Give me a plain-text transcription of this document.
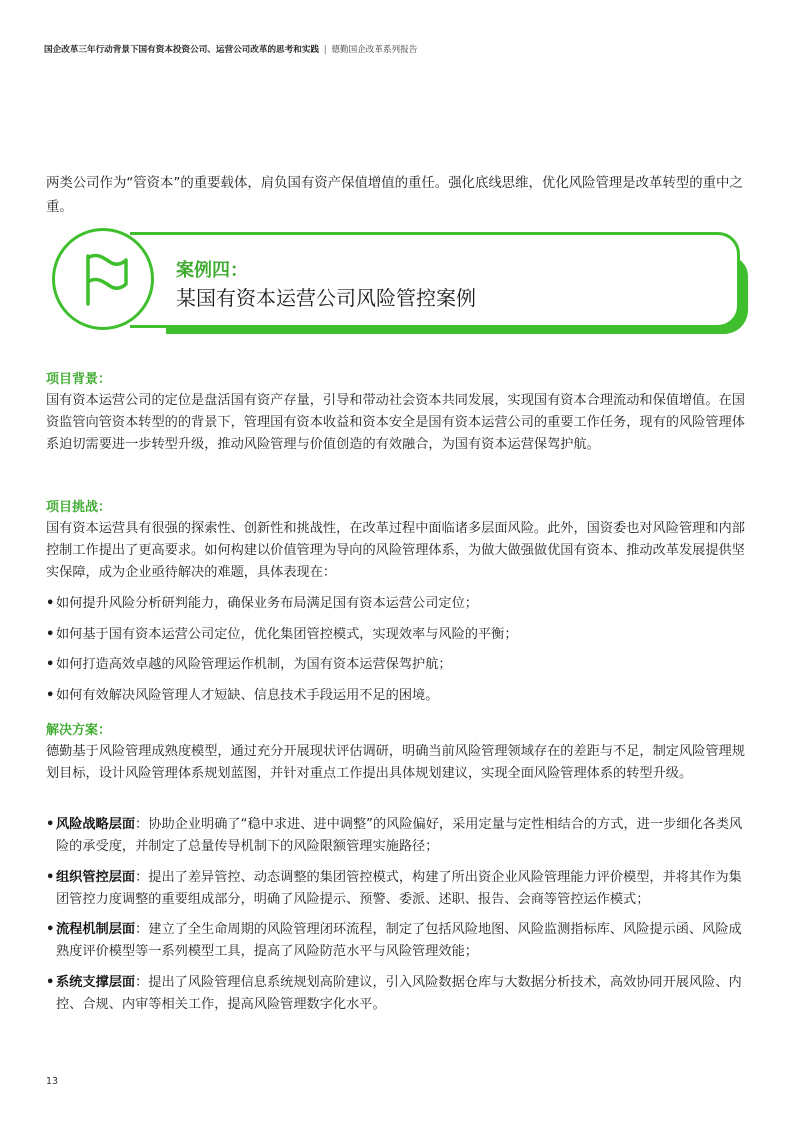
国企改革三年行动背景下国有资本投资公司、运营公司改革的思考和实践 | 德勤国企改革系列报告

两类公司作为“管资本”的重要载体，肩负国有资产保值增值的重任。强化底线思维，优化风险管理是改革转型的重中之重。

案例四：
某国有资本运营公司风险管控案例
项目背景：

国有资本运营公司的定位是盘活国有资产存量，引导和带动社会资本共同发展，实现国有资本合理流动和保值增值。在国资监管向管资本转型的的背景下，管理国有资本收益和资本安全是国有资本运营公司的重要工作任务，现有的风险管理体系迫切需要进一步转型升级，推动风险管理与价值创造的有效融合，为国有资本运营保驾护航。

项目挑战：

国有资本运营具有很强的探索性、创新性和挑战性，在改革过程中面临诸多层面风险。此外，国资委也对风险管理和内部控制工作提出了更高要求。如何构建以价值管理为导向的风险管理体系，为做大做强做优国有资本、推动改革发展提供坚实保障，成为企业亟待解决的难题，具体表现在：

• 如何提升风险分析研判能力，确保业务布局满足国有资本运营公司定位；
• 如何基于国有资本运营公司定位，优化集团管控模式，实现效率与风险的平衡；
• 如何打造高效卓越的风险管理运作机制，为国有资本运营保驾护航；
• 如何有效解决风险管理人才短缺、信息技术手段运用不足的困境。
解决方案：

德勤基于风险管理成熟度模型，通过充分开展现状评估调研，明确当前风险管理领域存在的差距与不足，制定风险管理规划目标，设计风险管理体系规划蓝图，并针对重点工作提出具体规划建议，实现全面风险管理体系的转型升级。

• 风险战略层面：协助企业明确了“稳中求进、进中调整”的风险偏好，采用定量与定性相结合的方式，进一步细化各类风险的承受度，并制定了总量传导机制下的风险限额管理实施路径；
• 组织管控层面：提出了差异管控、动态调整的集团管控模式，构建了所出资企业风险管理能力评价模型，并将其作为集团管控力度调整的重要组成部分，明确了风险提示、预警、委派、述职、报告、会商等管控运作模式；
• 流程机制层面：建立了全生命周期的风险管理闭环流程，制定了包括风险地图、风险监测指标库、风险提示函、风险成熟度评价模型等一系列模型工具，提高了风险防范水平与风险管理效能；
• 系统支撑层面：提出了风险管理信息系统规划高阶建议，引入风险数据仓库与大数据分析技术，高效协同开展风险、内控、合规、内审等相关工作，提高风险管理数字化水平。
13
